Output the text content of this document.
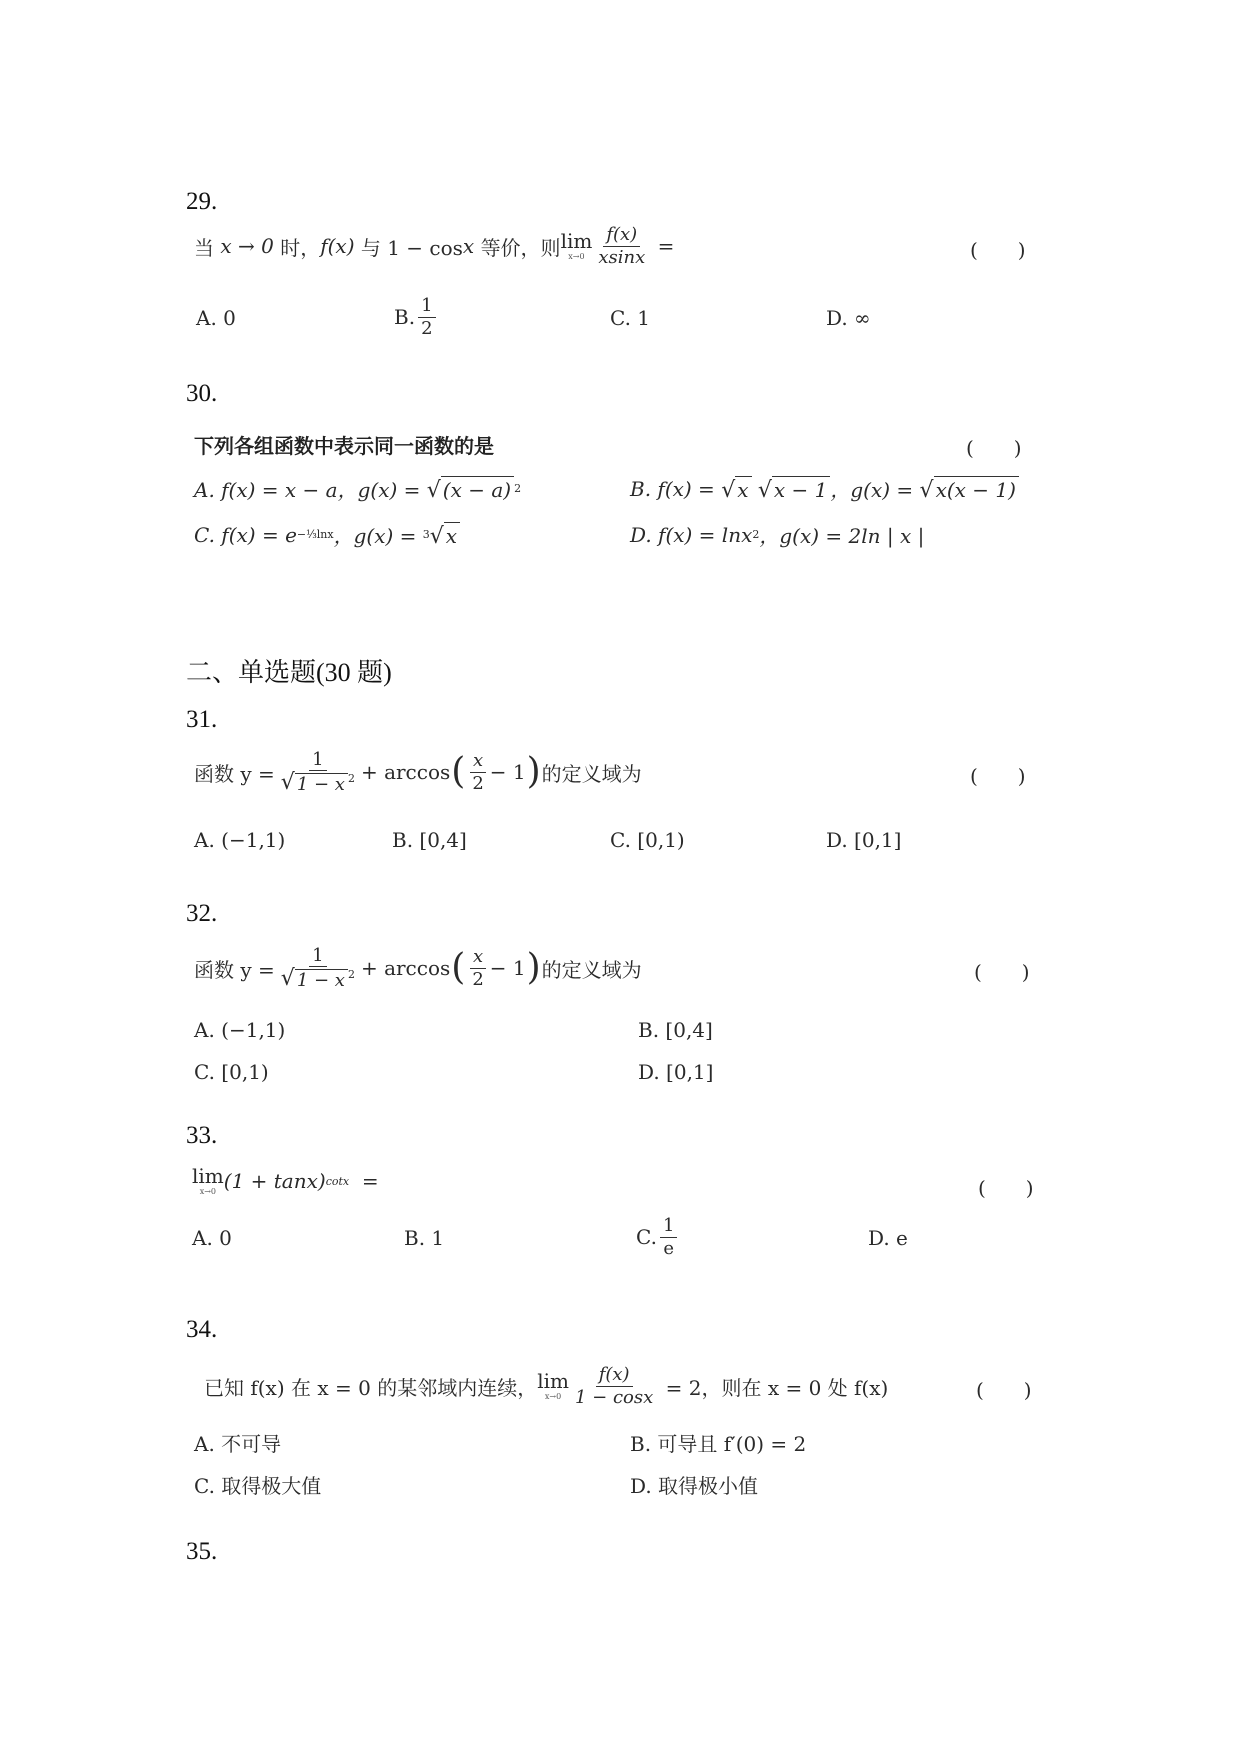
29.
当
x → 0
时， f(x)
与 1 − cos x
等价，则 lim
$x\to 0 \frac{f(x)}{xsinx}$
=	(　　)
A. 0	B. $\frac{1}{2}$	C. 1	D. ∞
30.
下列各组函数中表示同一函数的是	(　　)
A. f(x) = x − a，g(x) =
√ (x − a) 2	B. f(x) =
√ x
√ x − 1 ，g(x) =
√ x(x − 1)
C. f(x) = e −⅓lnx ，g(x) =
3 √ x	D. f(x) = lnx 2 ，g(x) = 2ln | x |
二、单选题(30 题)
31.
函数 $y = \frac{1}{√ 1 - x ^2} + \arccos$ ( $\frac{x}{2} - 1$ ) 的定义域为	(　　)
A. (−1,1)	B. [0,4]	C. [0,1)	D. [0,1]
32.
函数 $y = \frac{1}{√ 1 - x ^2} + \arccos$ ( $\frac{x}{2} - 1$ ) 的定义域为	(　　)
A. (−1,1)	B. [0,4]
C. [0,1)	D. [0,1]
33.
lim
x→0 (1 + tanx) cotx
=	(　　)
A. 0	B. 1	C. $\frac{1}{e}$	D. e
34.
已知 f(x) 在 x = 0 的某邻域内连续， lim
$x\to 0 \frac{f(x)}{1 - \cos x}$
= 2，则在 x = 0 处 f(x)	(　　)
A. 不可导	B. 可导且 f′(0) = 2
C. 取得极大值	D. 取得极小值
35.
